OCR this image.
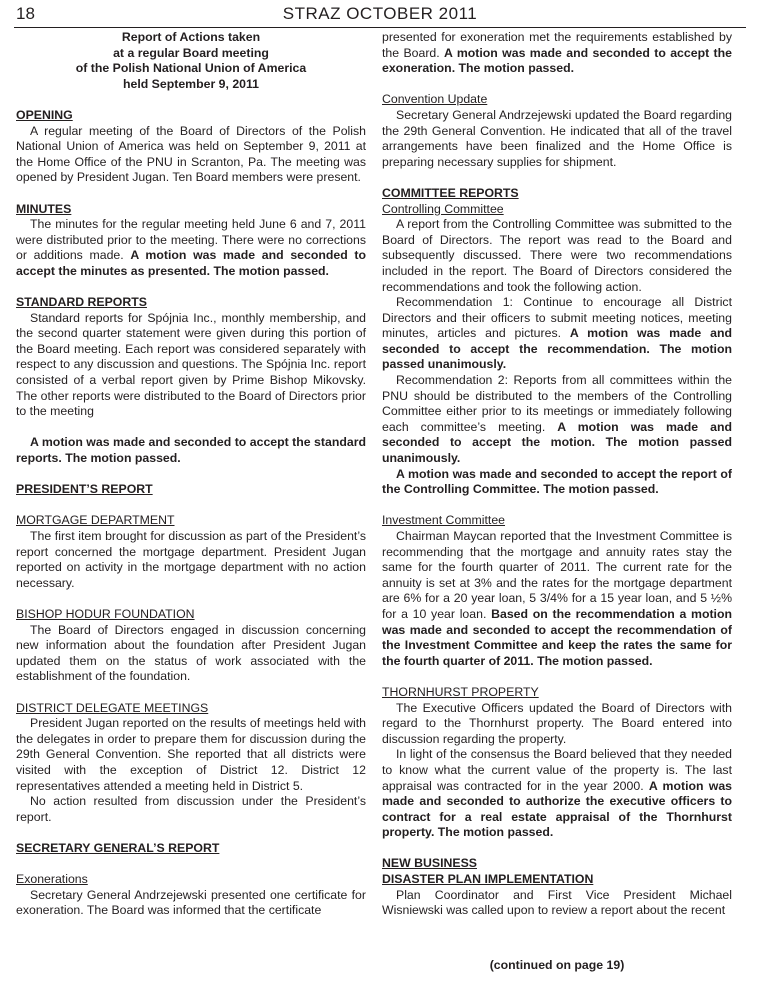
STRAZ OCTOBER 2011
18
Report of Actions taken
at a regular Board meeting
of the Polish National Union of America
held September 9, 2011

OPENING

A regular meeting of the Board of Directors of the Polish National Union of America was held on September 9, 2011 at the Home Office of the PNU in Scranton, Pa. The meeting was opened by President Jugan. Ten Board members were present.

MINUTES

The minutes for the regular meeting held June 6 and 7, 2011 were distributed prior to the meeting. There were no corrections or additions made. A motion was made and seconded to accept the minutes as presented. The motion passed.

STANDARD REPORTS

Standard reports for Spójnia Inc., monthly membership, and the second quarter statement were given during this portion of the Board meeting. Each report was considered separately with respect to any discussion and questions. The Spójnia Inc. report consisted of a verbal report given by Prime Bishop Mikovsky. The other reports were distributed to the Board of Directors prior to the meeting

A motion was made and seconded to accept the standard reports. The motion passed.

PRESIDENT’S REPORT

MORTGAGE DEPARTMENT

The first item brought for discussion as part of the President’s report concerned the mortgage department. President Jugan reported on activity in the mortgage department with no action necessary.

BISHOP HODUR FOUNDATION

The Board of Directors engaged in discussion concerning new information about the foundation after President Jugan updated them on the status of work associated with the establishment of the foundation.

DISTRICT DELEGATE MEETINGS

President Jugan reported on the results of meetings held with the delegates in order to prepare them for discussion during the 29th General Convention. She reported that all districts were visited with the exception of District 12. District 12 representatives attended a meeting held in District 5.

No action resulted from discussion under the President’s report.

SECRETARY GENERAL’S REPORT

Exonerations

Secretary General Andrzejewski presented one certificate for exoneration. The Board was informed that the certificate

presented for exoneration met the requirements established by the Board. A motion was made and seconded to accept the exoneration. The motion passed.

Convention Update

Secretary General Andrzejewski updated the Board regarding the 29th General Convention. He indicated that all of the travel arrangements have been finalized and the Home Office is preparing necessary supplies for shipment.

COMMITTEE REPORTS

Controlling Committee

A report from the Controlling Committee was submitted to the Board of Directors. The report was read to the Board and subsequently discussed. There were two recommendations included in the report. The Board of Directors considered the recommendations and took the following action.

Recommendation 1: Continue to encourage all District Directors and their officers to submit meeting notices, meeting minutes, articles and pictures. A motion was made and seconded to accept the recommendation. The motion passed unanimously.

Recommendation 2: Reports from all committees within the PNU should be distributed to the members of the Controlling Committee either prior to its meetings or immediately following each committee’s meeting. A motion was made and seconded to accept the motion. The motion passed unanimously.

A motion was made and seconded to accept the report of the Controlling Committee. The motion passed.

Investment Committee

Chairman Maycan reported that the Investment Committee is recommending that the mortgage and annuity rates stay the same for the fourth quarter of 2011. The current rate for the annuity is set at 3% and the rates for the mortgage department are 6% for a 20 year loan, 5 3/4% for a 15 year loan, and 5 ½% for a 10 year loan. Based on the recommendation a motion was made and seconded to accept the recommendation of the Investment Committee and keep the rates the same for the fourth quarter of 2011. The motion passed.

THORNHURST PROPERTY

The Executive Officers updated the Board of Directors with regard to the Thornhurst property. The Board entered into discussion regarding the property.

In light of the consensus the Board believed that they needed to know what the current value of the property is. The last appraisal was contracted for in the year 2000. A motion was made and seconded to authorize the executive officers to contract for a real estate appraisal of the Thornhurst property. The motion passed.

NEW BUSINESS

DISASTER PLAN IMPLEMENTATION

Plan Coordinator and First Vice President Michael Wisniewski was called upon to review a report about the recent

(continued on page 19)
